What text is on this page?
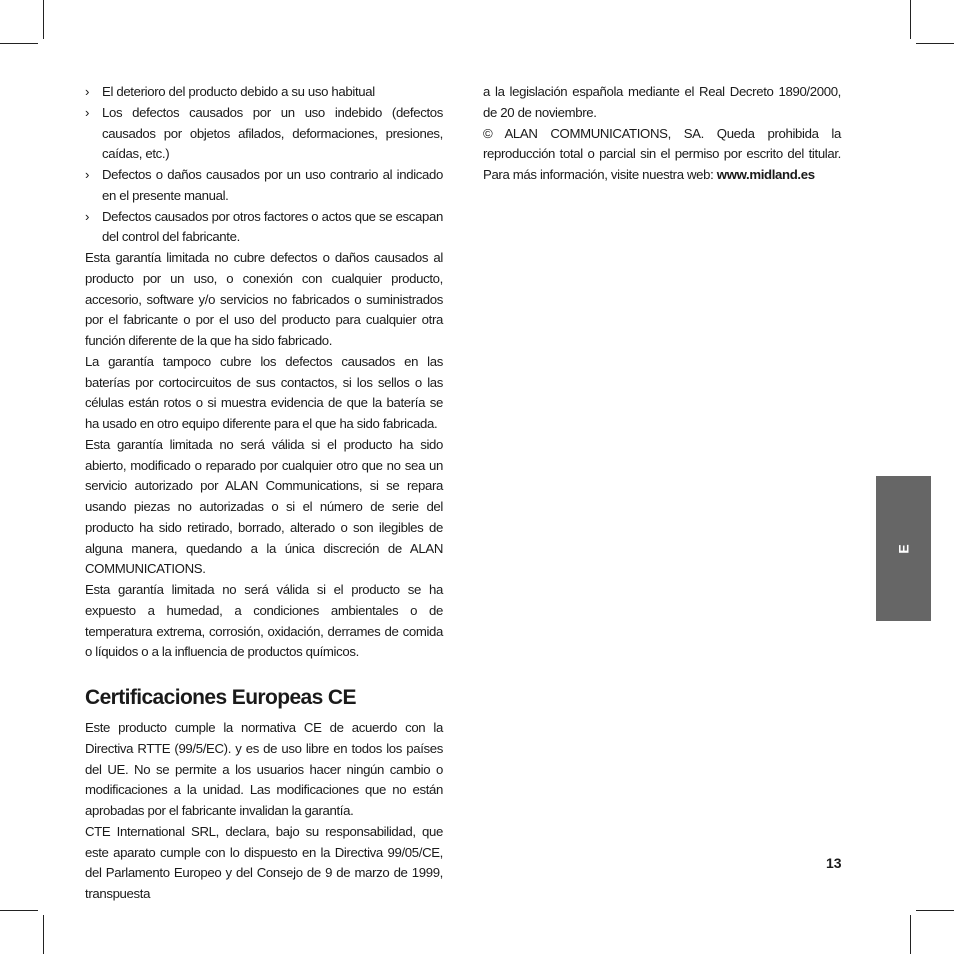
› El deterioro del producto debido a su uso habitual
› Los defectos causados por un uso indebido (defectos causados por objetos afilados, deformaciones, presiones, caídas, etc.)
› Defectos o daños causados por un uso contrario al indicado en el presente manual.
› Defectos causados por otros factores o actos que se escapan del control del fabricante.

Esta garantía limitada no cubre defectos o daños causados al producto por un uso, o conexión con cualquier producto, accesorio, software y/o servicios no fabricados o suministrados por el fabricante o por el uso del producto para cualquier otra función diferente de la que ha sido fabricado.

La garantía tampoco cubre los defectos causados en las baterías por cortocircuitos de sus contactos, si los sellos o las células están rotos o si muestra evidencia de que la batería se ha usado en otro equipo diferente para el que ha sido fabricada.

Esta garantía limitada no será válida si el producto ha sido abierto, modificado o reparado por cualquier otro que no sea un servicio autorizado por ALAN Communications, si se repara usando piezas no autorizadas o si el número de serie del producto ha sido retirado, borrado, alterado o son ilegibles de alguna manera, quedando a la única discreción de ALAN COMMUNICATIONS.

Esta garantía limitada no será válida si el producto se ha expuesto a humedad, a condiciones ambientales o de temperatura extrema, corrosión, oxidación, derrames de comida o líquidos o a la influencia de productos químicos.

Certificaciones Europeas CE

Este producto cumple la normativa CE de acuerdo con la Directiva RTTE (99/5/EC). y es de uso libre en todos los países del UE. No se permite a los usuarios hacer ningún cambio o modificaciones a la unidad. Las modificaciones que no están aprobadas por el fabricante invalidan la garantía.

CTE International SRL, declara, bajo su responsabilidad, que este aparato cumple con lo dispuesto en la Directiva 99/05/CE, del Parlamento Europeo y del Consejo de 9 de marzo de 1999, transpuesta

a la legislación española mediante el Real Decreto 1890/2000, de 20 de noviembre.

© ALAN COMMUNICATIONS, SA. Queda prohibida la reproducción total o parcial sin el permiso por escrito del titular. Para más información, visite nuestra web: www.midland.es

E
13
